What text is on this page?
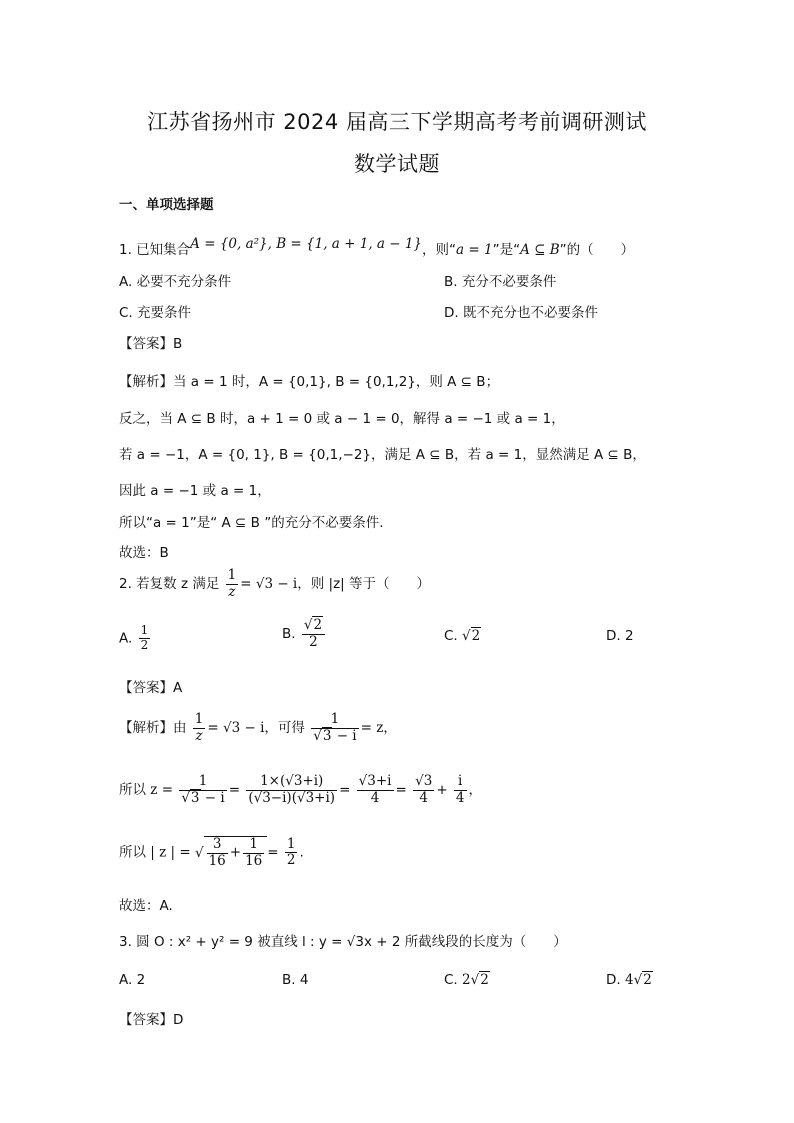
江苏省扬州市 2024 届高三下学期高考考前调研测试
数学试题
一、单项选择题
1. 已知集合A = {0, a²}, B = {1, a + 1, a − 1}，则“a = 1”是“A ⊆ B”的（　　）
A. 必要不充分条件	B. 充分不必要条件
C. 充要条件	D. 既不充分也不必要条件
【答案】B
【解析】当 a = 1 时，A = {0,1}, B = {0,1,2}，则 A ⊆ B；
反之，当 A ⊆ B 时，a + 1 = 0 或 a − 1 = 0，解得 a = −1 或 a = 1，
若 a = −1，A = {0, 1}, B = {0,1,−2}，满足 A ⊆ B，若 a = 1，显然满足 A ⊆ B，
因此 a = −1 或 a = 1，
所以“a = 1”是“ A ⊆ B ”的充分不必要条件.
故选：B
2. 若复数 z 满足 $\frac{1}{z} = √3 - i$，则 |z| 等于（　　）
A. $\frac{1}{2}$	B. $\frac{√2}{2}$	C. √2	D. 2
【答案】A
【解析】由 $\frac{1}{z} = √3 - i$，可得 $\frac{1}{√3 - i} = z$，
所以 $z = \frac{1}{√3 - i} = \frac{1\times(√3+i)}{(√3-i)(√3+i)} = \frac{√3+i}{4} = \frac{√3}{4} + \frac{i}{4}$ ，
所以 | z | = √ $\frac{3}{16} + \frac{1}{16} = \frac{1}{2}$ .
故选：A.
3. 圆 O : x² + y² = 9 被直线 l : y = √3x + 2 所截线段的长度为（　　）
A. 2	B. 4	C. 2√2	D. 4√2
【答案】D
